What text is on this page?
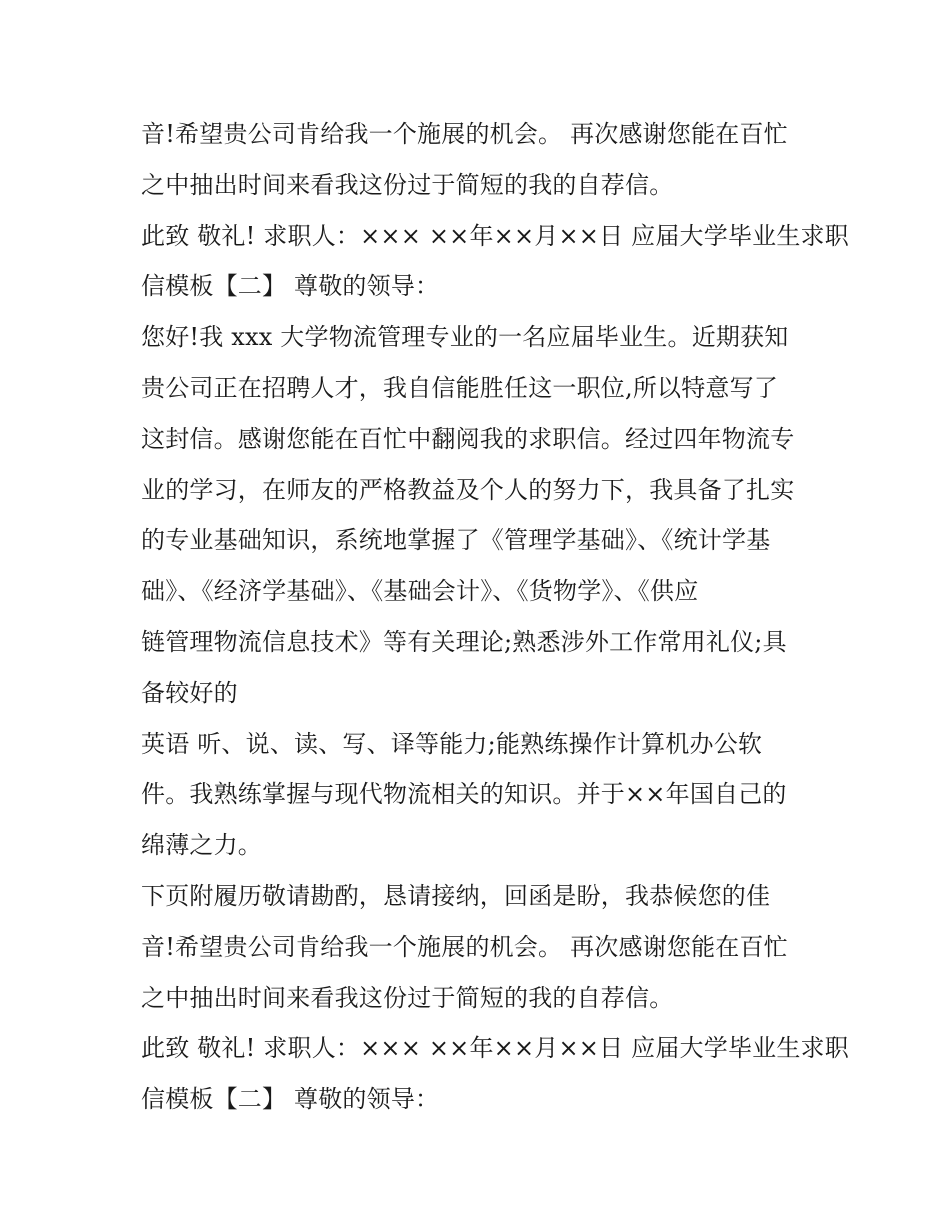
音!希望贵公司肯给我一个施展的机会。 再次感谢您能在百忙
之中抽出时间来看我这份过于简短的我的自荐信。
此致 敬礼! 求职人：××× ××年××月××日 应届大学毕业生求职
信模板【二】 尊敬的领导：
您好!我 xxx 大学物流管理专业的一名应届毕业生。近期获知
贵公司正在招聘人才，我自信能胜任这一职位,所以特意写了
这封信。感谢您能在百忙中翻阅我的求职信。经过四年物流专
业的学习，在师友的严格教益及个人的努力下，我具备了扎实
的专业基础知识，系统地掌握了《管理学基础》、《统计学基
础》、《经济学基础》、《基础会计》、《货物学》、《供应
链管理物流信息技术》等有关理论;熟悉涉外工作常用礼仪;具
备较好的
英语 听、说、读、写、译等能力;能熟练操作计算机办公软
件。我熟练掌握与现代物流相关的知识。并于××年国自己的
绵薄之力。
下页附履历敬请勘酌，恳请接纳，回函是盼，我恭候您的佳
音!希望贵公司肯给我一个施展的机会。 再次感谢您能在百忙
之中抽出时间来看我这份过于简短的我的自荐信。
此致 敬礼! 求职人：××× ××年××月××日 应届大学毕业生求职
信模板【二】 尊敬的领导：
